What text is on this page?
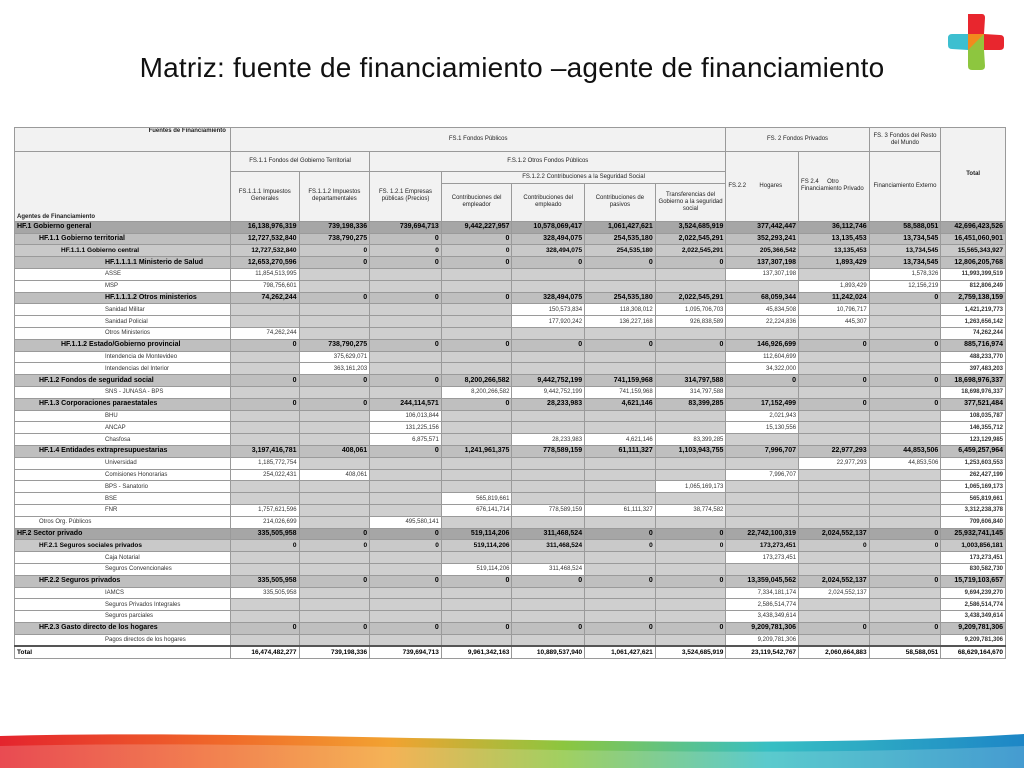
Matriz: fuente de financiamiento –agente de financiamiento
Fuentes de Financiamiento	FS.1 Fondos Públicos							FS. 2 Fondos Privados		FS. 3 Fondos del Resto del Mundo	Total
Agentes de Financiamiento	FS.1.1 Fondos del Gobierno Territorial		F.S.1.2 Otros Fondos Públicos					FS.2.2 Hogares	FS 2.4 Otro Financiamiento Privado	Financiamiento Externo	
	FS.1.1.1 Impuestos Generales	FS.1.1.2 Impuestos departamentales	FS. 1.2.1 Empresas públicas (Precios)	FS.1.2.2 Contribuciones a la Seguridad Social							
				Contribuciones del empleador	Contribuciones del empleado	Contribuciones de pasivos	Transferencias del Gobierno a la seguridad social				
HF.1 Gobierno general	16,138,976,319	739,198,336	739,694,713	9,442,227,957	10,578,069,417	1,061,427,621	3,524,685,919	377,442,447	36,112,746	58,588,051	42,696,423,526
HF.1.1 Gobierno territorial	12,727,532,840	738,790,275	0	0	328,494,075	254,535,180	2,022,545,291	352,293,241	13,135,453	13,734,545	16,451,060,901
HF.1.1.1 Gobierno central	12,727,532,840	0	0	0	328,494,075	254,535,180	2,022,545,291	205,366,542	13,135,453	13,734,545	15,565,343,927
HF.1.1.1.1 Ministerio de Salud	12,653,270,596	0	0	0	0	0	0	137,307,198	1,893,429	13,734,545	12,806,205,768
ASSE	11,854,513,995							137,307,198		1,578,326	11,993,399,519
MSP	798,756,601								1,893,429	12,156,219	812,806,249
HF.1.1.1.2 Otros ministerios	74,262,244	0	0	0	328,494,075	254,535,180	2,022,545,291	68,059,344	11,242,024	0	2,759,138,159
Sanidad Militar					150,573,834	118,308,012	1,095,706,703	45,834,508	10,796,717		1,421,219,773
Sanidad Policial					177,920,242	136,227,168	926,838,589	22,224,836	445,307		1,263,656,142
Otros Ministerios	74,262,244										74,262,244
HF.1.1.2 Estado/Gobierno provincial	0	738,790,275	0	0	0	0	0	146,926,699	0	0	885,716,974
Intendencia de Montevideo		375,629,071						112,604,699			488,233,770
Intendencias del Interior		363,161,203						34,322,000			397,483,203
HF.1.2 Fondos de seguridad social	0	0	0	8,200,266,582	9,442,752,199	741,159,968	314,797,588	0	0	0	18,698,976,337
SNS - JUNASA - BPS				8,200,266,582	9,442,752,199	741,159,968	314,797,588				18,698,976,337
HF.1.3 Corporaciones paraestatales	0	0	244,114,571	0	28,233,983	4,621,146	83,399,285	17,152,499	0	0	377,521,484
BHU			106,013,844					2,021,943			108,035,787
ANCAP			131,225,156					15,130,556			146,355,712
Chasfosa			6,875,571		28,233,983	4,621,146	83,399,285				123,129,985
HF.1.4 Entidades extrapresupuestarias	3,197,416,781	408,061	0	1,241,961,375	778,589,159	61,111,327	1,103,943,755	7,996,707	22,977,293	44,853,506	6,459,257,964
Universidad	1,185,772,754								22,977,293	44,853,506	1,253,603,553
Comisiones Honorarias	254,022,431	408,061						7,996,707			262,427,199
BPS - Sanatorio							1,065,169,173				1,065,169,173
BSE				565,819,661							565,819,661
FNR	1,757,621,596			676,141,714	778,589,159	61,111,327	38,774,582				3,312,238,378
Otros Org. Públicos	214,026,699		495,580,141								709,606,840
HF.2 Sector privado	335,505,958	0	0	519,114,206	311,468,524	0	0	22,742,100,319	2,024,552,137	0	25,932,741,145
HF.2.1 Seguros sociales privados	0	0	0	519,114,206	311,468,524	0	0	173,273,451	0	0	1,003,856,181
Caja Notarial								173,273,451			173,273,451
Seguros Convencionales				519,114,206	311,468,524						830,582,730
HF.2.2 Seguros privados	335,505,958	0	0	0	0	0	0	13,359,045,562	2,024,552,137	0	15,719,103,657
IAMCS	335,505,958							7,334,181,174	2,024,552,137		9,694,239,270
Seguros Privados Integrales								2,586,514,774			2,586,514,774
Seguros parciales								3,438,349,614			3,438,349,614
HF.2.3 Gasto directo de los hogares	0	0	0	0	0	0	0	9,209,781,306	0	0	9,209,781,306
Pagos directos de los hogares								9,209,781,306			9,209,781,306
Total	16,474,482,277	739,198,336	739,694,713	9,961,342,163	10,889,537,940	1,061,427,621	3,524,685,919	23,119,542,767	2,060,664,883	58,588,051	68,629,164,670
